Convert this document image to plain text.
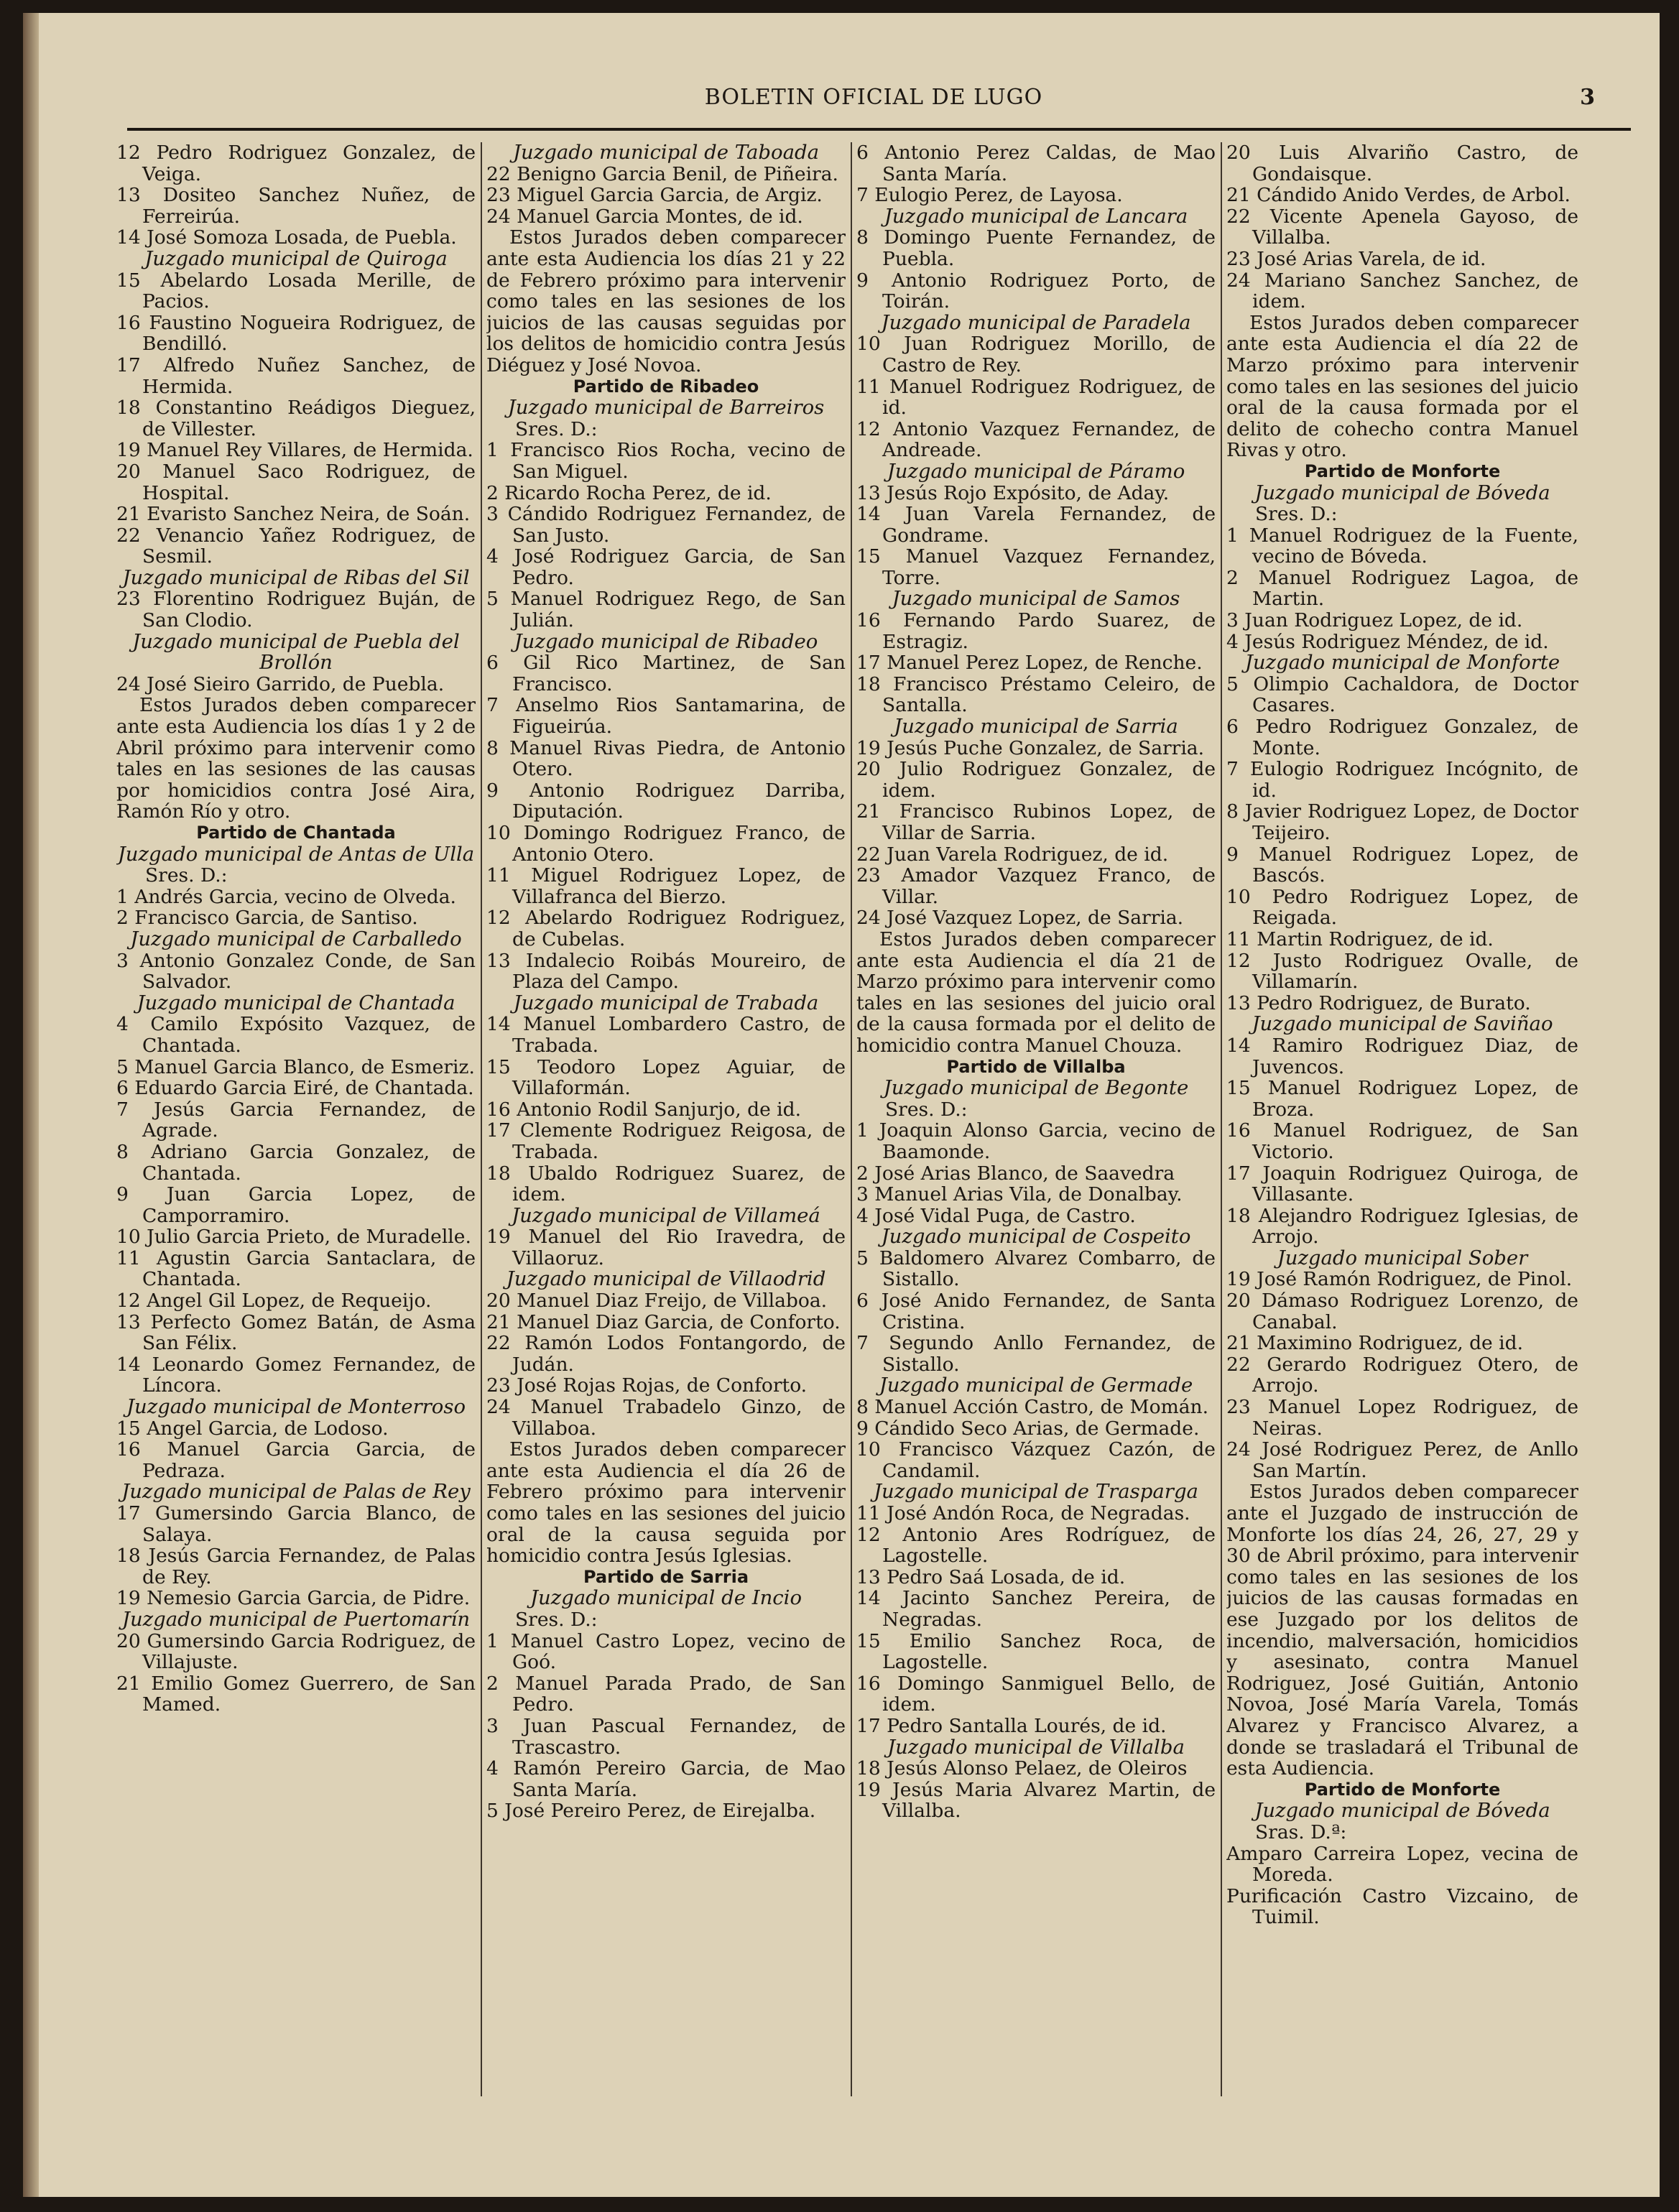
BOLETIN OFICIAL DE LUGO	3

12 Pedro Rodriguez Gonzalez, de Veiga.

13 Dositeo Sanchez Nuñez, de Ferreirúa.

14 José Somoza Losada, de Puebla.

Juzgado municipal de Quiroga

15 Abelardo Losada Merille, de Pacios.

16 Faustino Nogueira Rodriguez, de Bendilló.

17 Alfredo Nuñez Sanchez, de Hermida.

18 Constantino Reádigos Dieguez, de Villester.

19 Manuel Rey Villares, de Hermida.

20 Manuel Saco Rodriguez, de Hospital.

21 Evaristo Sanchez Neira, de Soán.

22 Venancio Yañez Rodriguez, de Sesmil.

Juzgado municipal de Ribas del Sil

23 Florentino Rodriguez Buján, de San Clodio.

Juzgado municipal de Puebla del Brollón

24 José Sieiro Garrido, de Puebla.

Estos Jurados deben comparecer ante esta Audiencia los días 1 y 2 de Abril próximo para intervenir como tales en las sesiones de las causas por homicidios contra José Aira, Ramón Río y otro.

Partido de Chantada

Juzgado municipal de Antas de Ulla

Sres. D.:

1 Andrés Garcia, vecino de Olveda.

2 Francisco Garcia, de Santiso.

Juzgado municipal de Carballedo

3 Antonio Gonzalez Conde, de San Salvador.

Juzgado municipal de Chantada

4 Camilo Expósito Vazquez, de Chantada.

5 Manuel Garcia Blanco, de Esmeriz.

6 Eduardo Garcia Eiré, de Chantada.

7 Jesús Garcia Fernandez, de Agrade.

8 Adriano Garcia Gonzalez, de Chantada.

9 Juan Garcia Lopez, de Camporramiro.

10 Julio Garcia Prieto, de Muradelle.

11 Agustin Garcia Santaclara, de Chantada.

12 Angel Gil Lopez, de Requeijo.

13 Perfecto Gomez Batán, de Asma San Félix.

14 Leonardo Gomez Fernandez, de Líncora.

Juzgado municipal de Monterroso

15 Angel Garcia, de Lodoso.

16 Manuel Garcia Garcia, de Pedraza.

Juzgado municipal de Palas de Rey

17 Gumersindo Garcia Blanco, de Salaya.

18 Jesús Garcia Fernandez, de Palas de Rey.

19 Nemesio Garcia Garcia, de Pidre.

Juzgado municipal de Puertomarín

20 Gumersindo Garcia Rodriguez, de Villajuste.

21 Emilio Gomez Guerrero, de San Mamed.

Juzgado municipal de Taboada

22 Benigno Garcia Benil, de Piñeira.

23 Miguel Garcia Garcia, de Argiz.

24 Manuel Garcia Montes, de id.

Estos Jurados deben comparecer ante esta Audiencia los días 21 y 22 de Febrero próximo para intervenir como tales en las sesiones de los juicios de las causas seguidas por los delitos de homicidio contra Jesús Diéguez y José Novoa.

Partido de Ribadeo

Juzgado municipal de Barreiros

Sres. D.:

1 Francisco Rios Rocha, vecino de San Miguel.

2 Ricardo Rocha Perez, de id.

3 Cándido Rodriguez Fernandez, de San Justo.

4 José Rodriguez Garcia, de San Pedro.

5 Manuel Rodriguez Rego, de San Julián.

Juzgado municipal de Ribadeo

6 Gil Rico Martinez, de San Francisco.

7 Anselmo Rios Santamarina, de Figueirúa.

8 Manuel Rivas Piedra, de Antonio Otero.

9 Antonio Rodriguez Darriba, Diputación.

10 Domingo Rodriguez Franco, de Antonio Otero.

11 Miguel Rodriguez Lopez, de Villafranca del Bierzo.

12 Abelardo Rodriguez Rodriguez, de Cubelas.

13 Indalecio Roibás Moureiro, de Plaza del Campo.

Juzgado municipal de Trabada

14 Manuel Lombardero Castro, de Trabada.

15 Teodoro Lopez Aguiar, de Villaformán.

16 Antonio Rodil Sanjurjo, de id.

17 Clemente Rodriguez Reigosa, de Trabada.

18 Ubaldo Rodriguez Suarez, de idem.

Juzgado municipal de Villameá

19 Manuel del Rio Iravedra, de Villaoruz.

Juzgado municipal de Villaodrid

20 Manuel Diaz Freijo, de Villaboa.

21 Manuel Diaz Garcia, de Conforto.

22 Ramón Lodos Fontangordo, de Judán.

23 José Rojas Rojas, de Conforto.

24 Manuel Trabadelo Ginzo, de Villaboa.

Estos Jurados deben comparecer ante esta Audiencia el día 26 de Febrero próximo para intervenir como tales en las sesiones del juicio oral de la causa seguida por homicidio contra Jesús Iglesias.

Partido de Sarria

Juzgado municipal de Incio

Sres. D.:

1 Manuel Castro Lopez, vecino de Goó.

2 Manuel Parada Prado, de San Pedro.

3 Juan Pascual Fernandez, de Trascastro.

4 Ramón Pereiro Garcia, de Mao Santa María.

5 José Pereiro Perez, de Eirejalba.

6 Antonio Perez Caldas, de Mao Santa María.

7 Eulogio Perez, de Layosa.

Juzgado municipal de Lancara

8 Domingo Puente Fernandez, de Puebla.

9 Antonio Rodriguez Porto, de Toirán.

Juzgado municipal de Paradela

10 Juan Rodriguez Morillo, de Castro de Rey.

11 Manuel Rodriguez Rodriguez, de id.

12 Antonio Vazquez Fernandez, de Andreade.

Juzgado municipal de Páramo

13 Jesús Rojo Expósito, de Aday.

14 Juan Varela Fernandez, de Gondrame.

15 Manuel Vazquez Fernandez, Torre.

Juzgado municipal de Samos

16 Fernando Pardo Suarez, de Estragiz.

17 Manuel Perez Lopez, de Renche.

18 Francisco Préstamo Celeiro, de Santalla.

Juzgado municipal de Sarria

19 Jesús Puche Gonzalez, de Sarria.

20 Julio Rodriguez Gonzalez, de idem.

21 Francisco Rubinos Lopez, de Villar de Sarria.

22 Juan Varela Rodriguez, de id.

23 Amador Vazquez Franco, de Villar.

24 José Vazquez Lopez, de Sarria.

Estos Jurados deben comparecer ante esta Audiencia el día 21 de Marzo próximo para intervenir como tales en las sesiones del juicio oral de la causa formada por el delito de homicidio contra Manuel Chouza.

Partido de Villalba

Juzgado municipal de Begonte

Sres. D.:

1 Joaquin Alonso Garcia, vecino de Baamonde.

2 José Arias Blanco, de Saavedra

3 Manuel Arias Vila, de Donalbay.

4 José Vidal Puga, de Castro.

Juzgado municipal de Cospeito

5 Baldomero Alvarez Combarro, de Sistallo.

6 José Anido Fernandez, de Santa Cristina.

7 Segundo Anllo Fernandez, de Sistallo.

Juzgado municipal de Germade

8 Manuel Acción Castro, de Momán.

9 Cándido Seco Arias, de Germade.

10 Francisco Vázquez Cazón, de Candamil.

Juzgado municipal de Trasparga

11 José Andón Roca, de Negradas.

12 Antonio Ares Rodríguez, de Lagostelle.

13 Pedro Saá Losada, de id.

14 Jacinto Sanchez Pereira, de Negradas.

15 Emilio Sanchez Roca, de Lagostelle.

16 Domingo Sanmiguel Bello, de idem.

17 Pedro Santalla Lourés, de id.

Juzgado municipal de Villalba

18 Jesús Alonso Pelaez, de Oleiros

19 Jesús Maria Alvarez Martin, de Villalba.

20 Luis Alvariño Castro, de Gondaisque.

21 Cándido Anido Verdes, de Arbol.

22 Vicente Apenela Gayoso, de Villalba.

23 José Arias Varela, de id.

24 Mariano Sanchez Sanchez, de idem.

Estos Jurados deben comparecer ante esta Audiencia el día 22 de Marzo próximo para intervenir como tales en las sesiones del juicio oral de la causa formada por el delito de cohecho contra Manuel Rivas y otro.

Partido de Monforte

Juzgado municipal de Bóveda

Sres. D.:

1 Manuel Rodriguez de la Fuente, vecino de Bóveda.

2 Manuel Rodriguez Lagoa, de Martin.

3 Juan Rodriguez Lopez, de id.

4 Jesús Rodriguez Méndez, de id.

Juzgado municipal de Monforte

5 Olimpio Cachaldora, de Doctor Casares.

6 Pedro Rodriguez Gonzalez, de Monte.

7 Eulogio Rodriguez Incógnito, de id.

8 Javier Rodriguez Lopez, de Doctor Teijeiro.

9 Manuel Rodriguez Lopez, de Bascós.

10 Pedro Rodriguez Lopez, de Reigada.

11 Martin Rodriguez, de id.

12 Justo Rodriguez Ovalle, de Villamarín.

13 Pedro Rodriguez, de Burato.

Juzgado municipal de Saviñao

14 Ramiro Rodriguez Diaz, de Juvencos.

15 Manuel Rodriguez Lopez, de Broza.

16 Manuel Rodriguez, de San Victorio.

17 Joaquin Rodriguez Quiroga, de Villasante.

18 Alejandro Rodriguez Iglesias, de Arrojo.

Juzgado municipal Sober

19 José Ramón Rodriguez, de Pinol.

20 Dámaso Rodriguez Lorenzo, de Canabal.

21 Maximino Rodriguez, de id.

22 Gerardo Rodriguez Otero, de Arrojo.

23 Manuel Lopez Rodriguez, de Neiras.

24 José Rodriguez Perez, de Anllo San Martín.

Estos Jurados deben comparecer ante el Juzgado de instrucción de Monforte los días 24, 26, 27, 29 y 30 de Abril próximo, para intervenir como tales en las sesiones de los juicios de las causas formadas en ese Juzgado por los delitos de incendio, malversación, homicidios y asesinato, contra Manuel Rodriguez, José Guitián, Antonio Novoa, José María Varela, Tomás Alvarez y Francisco Alvarez, a donde se trasladará el Tribunal de esta Audiencia.

Partido de Monforte

Juzgado municipal de Bóveda

Sras. D.ª:

Amparo Carreira Lopez, vecina de Moreda.

Purificación Castro Vizcaino, de Tuimil.
